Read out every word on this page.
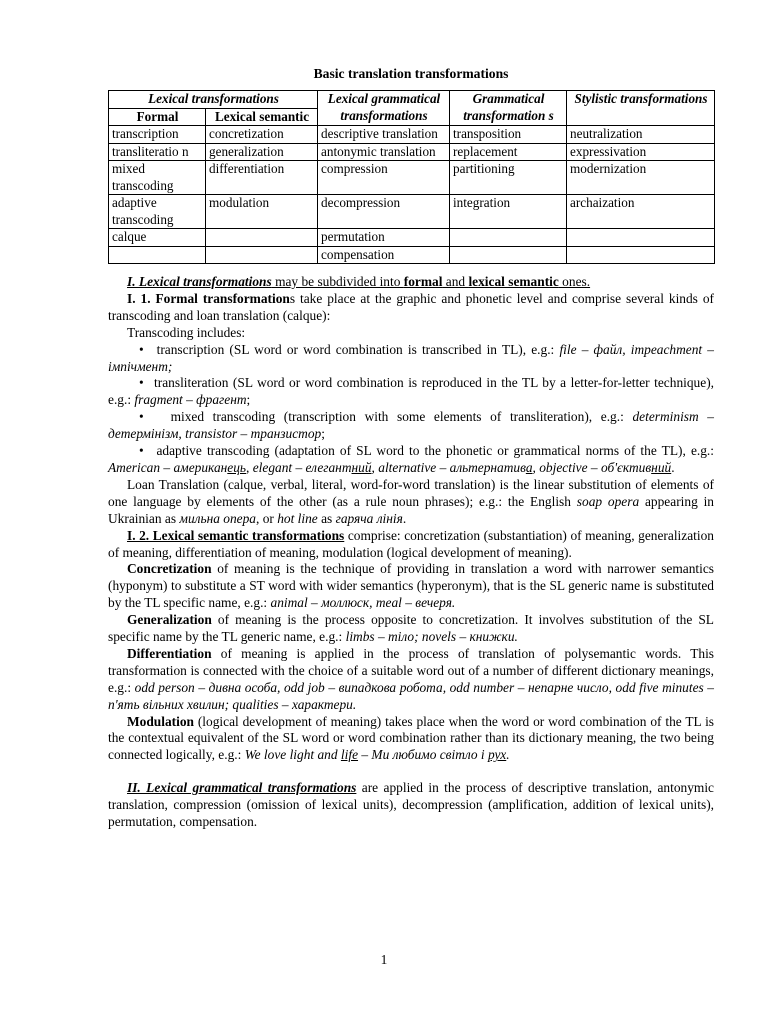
Basic translation transformations
Lexical transformations		Lexical grammatical transformations	Grammatical transformation s	Stylistic transformations
Formal	Lexical semantic			
transcription	concretization	descriptive translation	transposition	neutralization
transliteratio n	generalization	antonymic translation	replacement	expressivation
mixed transcoding	differentiation	compression	partitioning	modernization
adaptive transcoding	modulation	decompression	integration	archaization
calque		permutation		
		compensation		

I. Lexical transformations may be subdivided into formal and lexical semantic ones.

I. 1. Formal transformations take place at the graphic and phonetic level and comprise several kinds of transcoding and loan translation (calque):

Transcoding includes:

• transcription (SL word or word combination is transcribed in TL), e.g.: file – файл, impeachment – імпічмент;

• transliteration (SL word or word combination is reproduced in the TL by a letter-for-letter technique), e.g.: fragment – фрагент;

• mixed transcoding (transcription with some elements of transliteration), e.g.: determinism – детермінізм, transistor – транзистор;

• adaptive transcoding (adaptation of SL word to the phonetic or grammatical norms of the TL), e.g.: American – американець, elegant – елегантний, alternative – альтернатива, objective – об'єктивний.

Loan Translation (calque, verbal, literal, word-for-word translation) is the linear substitution of elements of one language by elements of the other (as a rule noun phrases); e.g.: the English soap opera appearing in Ukrainian as мильна опера, or hot line as гаряча лінія.

I. 2. Lexical semantic transformations comprise: concretization (substantiation) of meaning, generalization of meaning, differentiation of meaning, modulation (logical development of meaning).

Concretization of meaning is the technique of providing in translation a word with narrower semantics (hyponym) to substitute a ST word with wider semantics (hyperonym), that is the SL generic name is substituted by the TL specific name, e.g.: animal – моллюск, meal – вечеря.

Generalization of meaning is the process opposite to concretization. It involves substitution of the SL specific name by the TL generic name, e.g.: limbs – тіло; novels – книжки.

Differentiation of meaning is applied in the process of translation of polysemantic words. This transformation is connected with the choice of a suitable word out of a number of different dictionary meanings, e.g.: odd person – дивна особа, odd job – випадкова робота, odd number – непарне число, odd five minutes – п'ять вільних хвилин; qualities – характери.

Modulation (logical development of meaning) takes place when the word or word combination of the TL is the contextual equivalent of the SL word or word combination rather than its dictionary meaning, the two being connected logically, e.g.: We love light and life – Ми любимо світло і рух.

II. Lexical grammatical transformations are applied in the process of descriptive translation, antonymic translation, compression (omission of lexical units), decompression (amplification, addition of lexical units), permutation, compensation.

1
